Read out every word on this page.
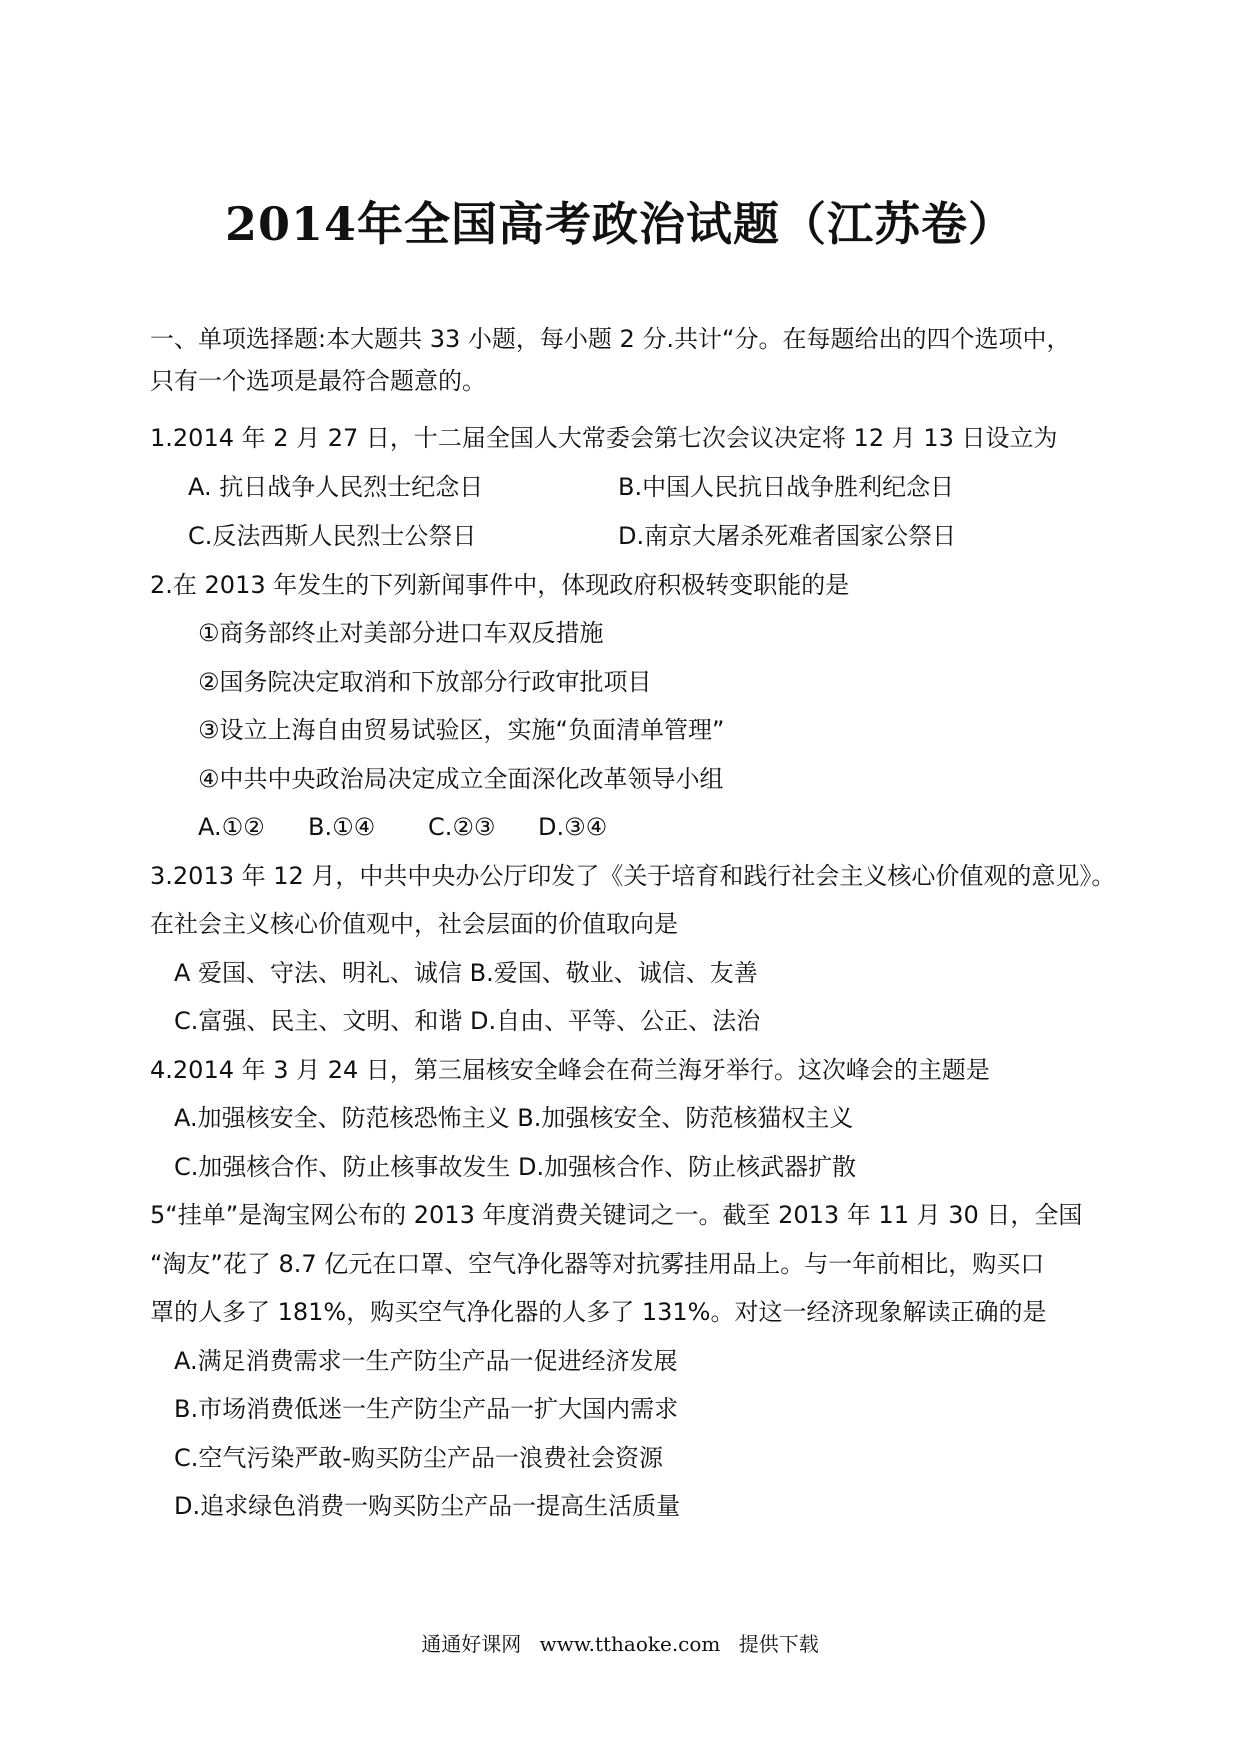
2014年全国高考政治试题（江苏卷）
一、单项选择题:本大题共 33 小题，每小题 2 分.共计“分。在每题给出的四个选项中，
只有一个选项是最符合题意的。
1.2014 年 2 月 27 日，十二届全国人大常委会第七次会议决定将 12 月 13 日设立为
A. 抗日战争人民烈士纪念日	B.中国人民抗日战争胜利纪念日
C.反法西斯人民烈士公祭日	D.南京大屠杀死难者国家公祭日
2.在 2013 年发生的下列新闻事件中，体现政府积极转变职能的是
①商务部终止对美部分进口车双反措施
②国务院决定取消和下放部分行政审批项目
③设立上海自由贸易试验区，实施“负面清单管理”
④中共中央政治局决定成立全面深化改革领导小组
A.①② B.①④ C.②③ D.③④
3.2013 年 12 月，中共中央办公厅印发了《关于培育和践行社会主义核心价值观的意见》。
在社会主义核心价值观中，社会层面的价值取向是
A 爱国、守法、明礼、诚信 B.爱国、敬业、诚信、友善
C.富强、民主、文明、和谐 D.自由、平等、公正、法治
4.2014 年 3 月 24 日，第三届核安全峰会在荷兰海牙举行。这次峰会的主题是
A.加强核安全、防范核恐怖主义 B.加强核安全、防范核猫权主义
C.加强核合作、防止核事故发生 D.加强核合作、防止核武器扩散
5“挂单”是淘宝网公布的 2013 年度消费关键词之一。截至 2013 年 11 月 30 日，全国
“淘友”花了 8.7 亿元在口罩、空气净化器等对抗雾挂用品上。与一年前相比，购买口
罩的人多了 181%，购买空气净化器的人多了 131%。对这一经济现象解读正确的是
A.满足消费需求一生产防尘产品一促进经济发展
B.市场消费低迷一生产防尘产品一扩大国内需求
C.空气污染严敢-购买防尘产品一浪费社会资源
D.追求绿色消费一购买防尘产品一提高生活质量
通通好课网 www.tthaoke.com 提供下载
